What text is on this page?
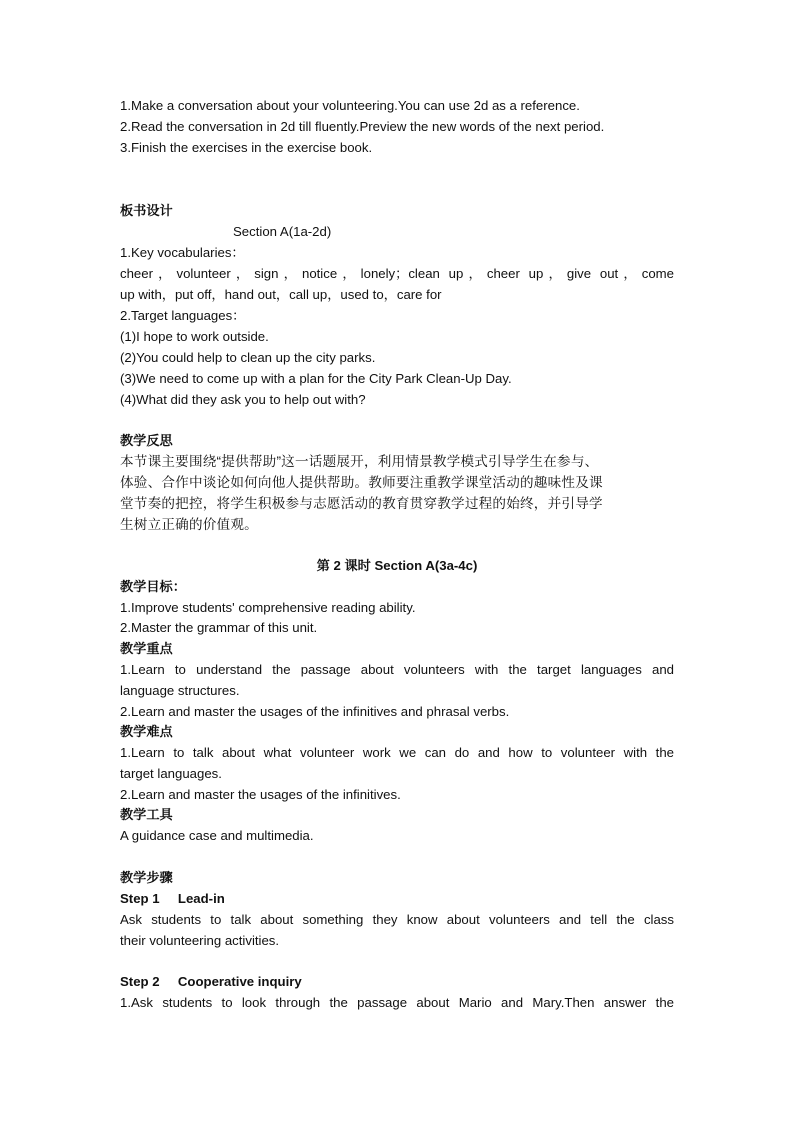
1.Make a conversation about your volunteering.You can use 2d as a reference.
2.Read the conversation in 2d till fluently.Preview the new words of the next period.
3.Finish the exercises in the exercise book.
板书设计
Section A(1a-2d)
1.Key vocabularies：
cheer，volunteer，sign，notice，lonely；clean up，cheer up，give out，come
up with，put off，hand out，call up，used to，care for
2.Target languages：
(1)I hope to work outside.
(2)You could help to clean up the city parks.
(3)We need to come up with a plan for the City Park Clean-Up Day.
(4)What did they ask you to help out with?
教学反思
本节课主要围绕“提供帮助”这一话题展开，利用情景教学模式引导学生在参与、
体验、合作中谈论如何向他人提供帮助。教师要注重教学课堂活动的趣味性及课
堂节奏的把控，将学生积极参与志愿活动的教育贯穿教学过程的始终，并引导学
生树立正确的价值观。
第 2 课时 Section A(3a-4c)
教学目标：
1.Improve students' comprehensive reading ability.
2.Master the grammar of this unit.
教学重点
1.Learn to understand the passage about volunteers with the target languages and
language structures.
2.Learn and master the usages of the infinitives and phrasal verbs.
教学难点
1.Learn to talk about what volunteer work we can do and how to volunteer with the
target languages.
2.Learn and master the usages of the infinitives.
教学工具
A guidance case and multimedia.
教学步骤
Step 1     Lead-in
Ask students to talk about something they know about volunteers and tell the class
their volunteering activities.
Step 2     Cooperative inquiry
1.Ask students to look through the passage about Mario and Mary.Then answer the
